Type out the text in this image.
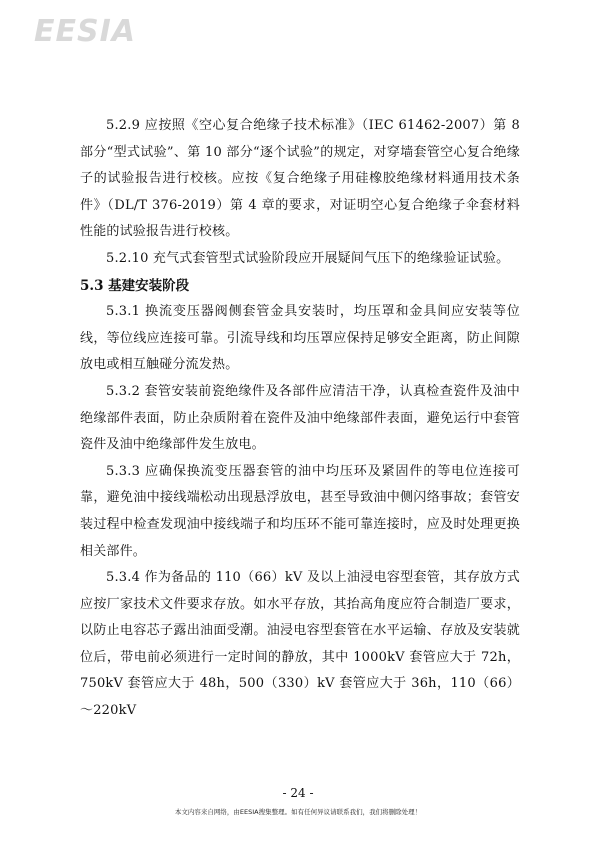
EESIA

5.2.9 应按照《空心复合绝缘子技术标准》（IEC 61462-2007）第 8 部分“型式试验”、第 10 部分“逐个试验”的规定，对穿墙套管空心复合绝缘子的试验报告进行校核。应按《复合绝缘子用硅橡胶绝缘材料通用技术条件》（DL/T 376-2019）第 4 章的要求，对证明空心复合绝缘子伞套材料性能的试验报告进行校核。

5.2.10 充气式套管型式试验阶段应开展疑间气压下的绝缘验证试验。

5.3 基建安装阶段

5.3.1 换流变压器阀侧套管金具安装时，均压罩和金具间应安装等位线，等位线应连接可靠。引流导线和均压罩应保持足够安全距离，防止间隙放电或相互触碰分流发热。

5.3.2 套管安装前瓷绝缘件及各部件应清洁干净，认真检查瓷件及油中绝缘部件表面，防止杂质附着在瓷件及油中绝缘部件表面，避免运行中套管瓷件及油中绝缘部件发生放电。

5.3.3 应确保换流变压器套管的油中均压环及紧固件的等电位连接可靠，避免油中接线端松动出现悬浮放电，甚至导致油中侧闪络事故；套管安装过程中检查发现油中接线端子和均压环不能可靠连接时，应及时处理更换相关部件。

5.3.4 作为备品的 110（66）kV 及以上油浸电容型套管，其存放方式应按厂家技术文件要求存放。如水平存放，其抬高角度应符合制造厂要求，以防止电容芯子露出油面受潮。油浸电容型套管在水平运输、存放及安装就位后，带电前必须进行一定时间的静放，其中 1000kV 套管应大于 72h，750kV 套管应大于 48h，500（330）kV 套管应大于 36h，110（66）～220kV

- 24 -
本文内容来自网络，由EESIA搜集整理。如有任何异议请联系我们，我们将删除处理！
